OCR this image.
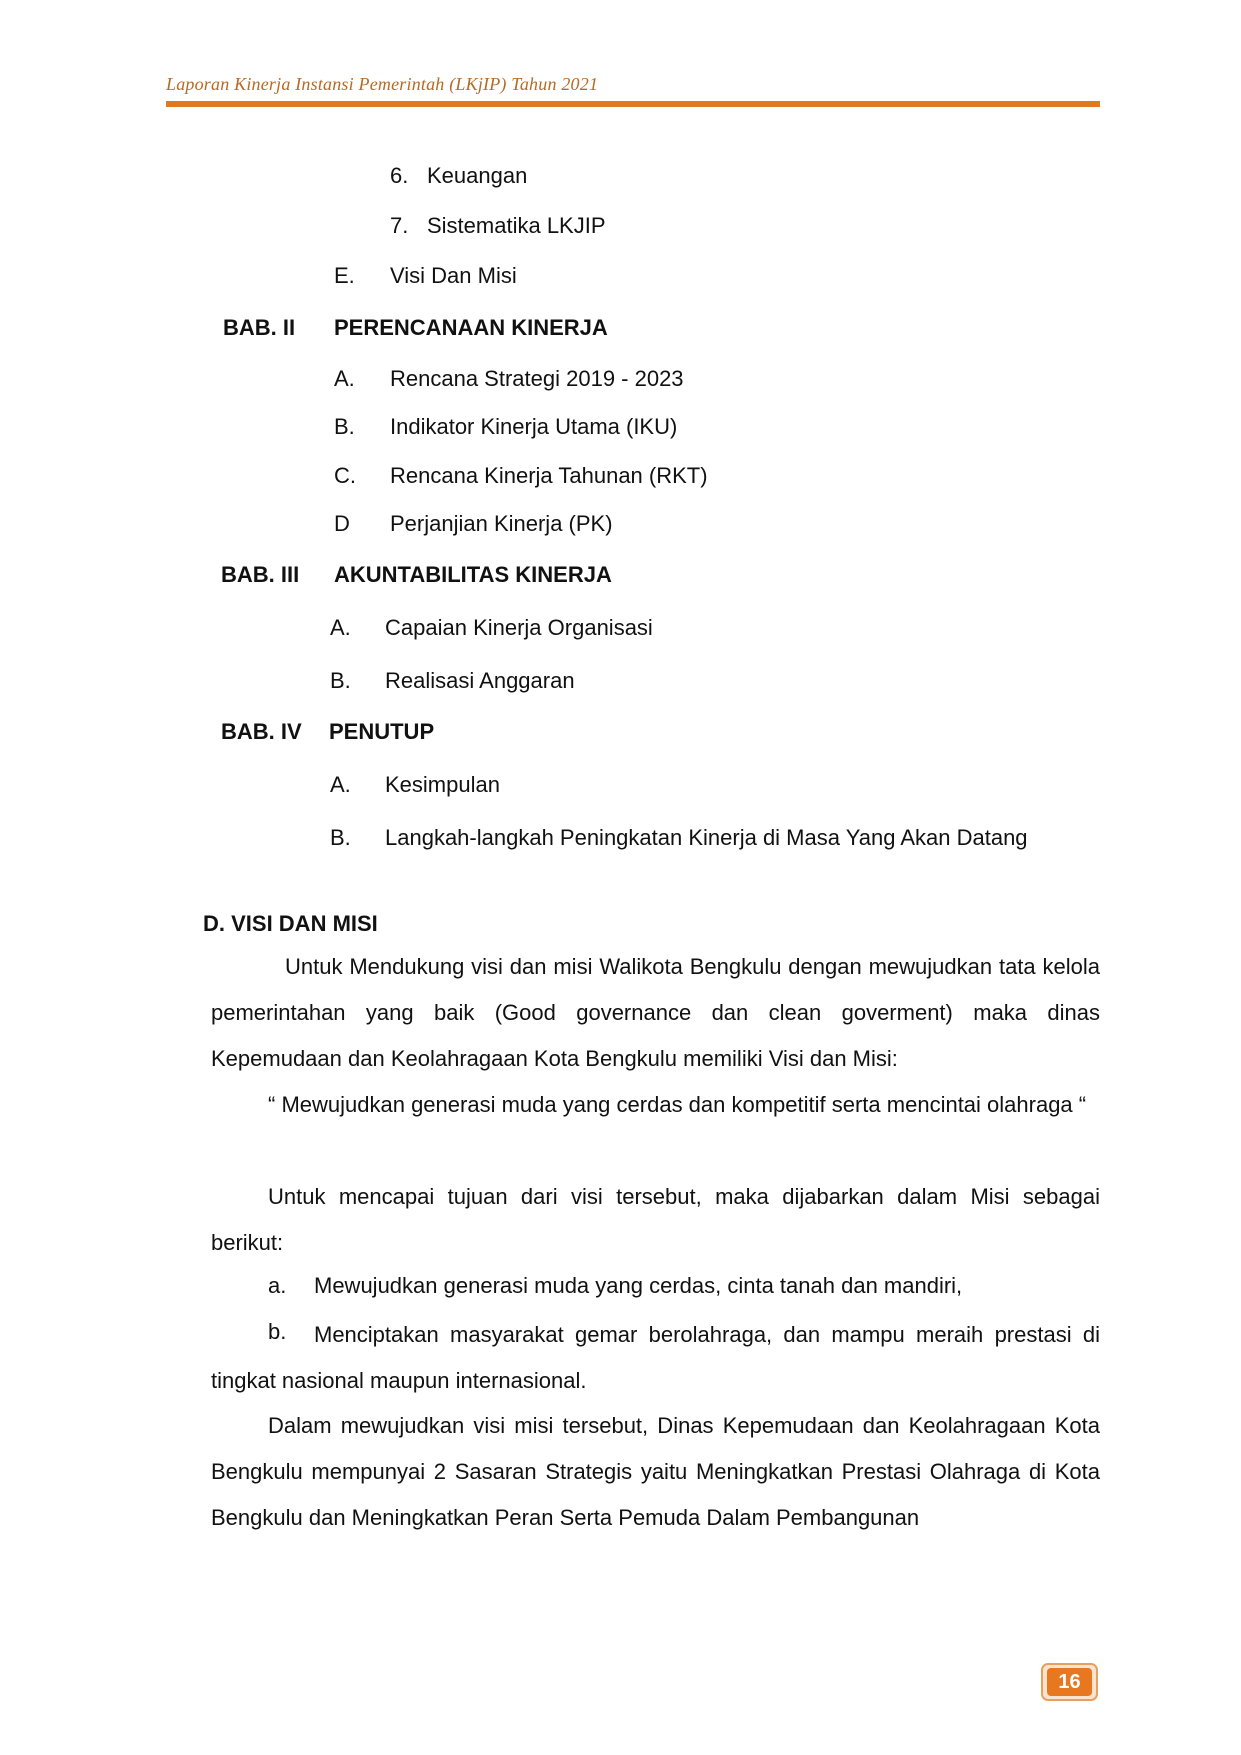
Laporan Kinerja Instansi Pemerintah (LKjIP) Tahun 2021
6. Keuangan
7. Sistematika LKJIP
E. Visi Dan Misi
BAB. II PERENCANAAN KINERJA
A. Rencana Strategi 2019 - 2023
B. Indikator Kinerja Utama (IKU)
C. Rencana Kinerja Tahunan (RKT)
D Perjanjian Kinerja (PK)
BAB. III AKUNTABILITAS KINERJA
A. Capaian Kinerja Organisasi
B. Realisasi Anggaran
BAB. IV PENUTUP
A. Kesimpulan
B. Langkah-langkah Peningkatan Kinerja di Masa Yang Akan Datang
D. VISI DAN MISI
Untuk Mendukung visi dan misi Walikota Bengkulu dengan mewujudkan tata kelola pemerintahan yang baik (Good governance dan clean goverment) maka dinas Kepemudaan dan Keolahragaan Kota Bengkulu memiliki Visi dan Misi:
“ Mewujudkan generasi muda yang cerdas dan kompetitif serta mencintai olahraga “
Untuk mencapai tujuan dari visi tersebut, maka dijabarkan dalam Misi sebagai berikut:
a. Mewujudkan generasi muda yang cerdas, cinta tanah dan mandiri,
b.	Menciptakan masyarakat gemar berolahraga, dan mampu meraih prestasi di tingkat nasional maupun internasional.
Dalam mewujudkan visi misi tersebut, Dinas Kepemudaan dan Keolahragaan Kota Bengkulu mempunyai 2 Sasaran Strategis yaitu Meningkatkan Prestasi Olahraga di Kota Bengkulu dan Meningkatkan Peran Serta Pemuda Dalam Pembangunan
16
